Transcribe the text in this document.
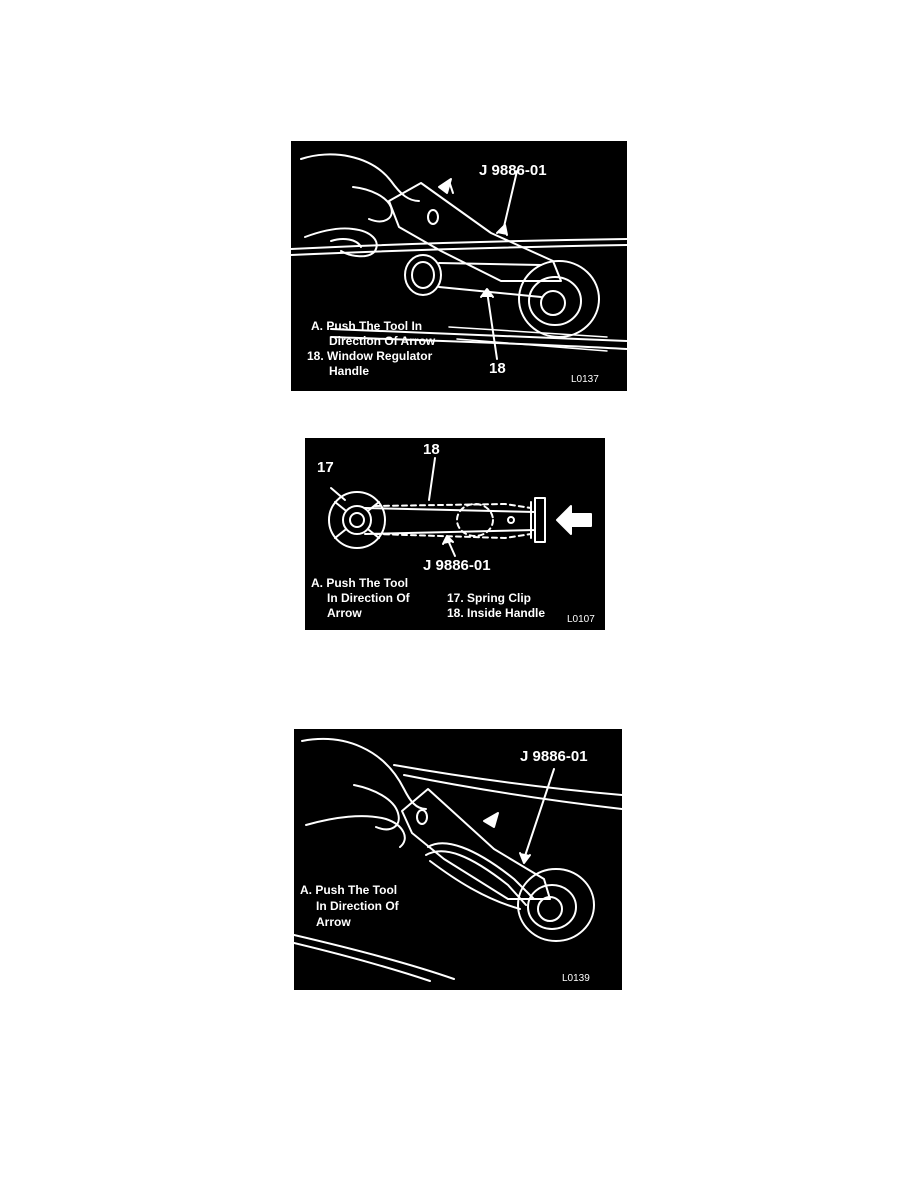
J 9886-01
18
A. Push The Tool In
Direction Of Arrow
18. Window Regulator
Handle
L0137
18
17
J 9886-01
A. Push The Tool
In Direction Of
Arrow
17. Spring Clip
18. Inside Handle L0107
J 9886-01
A. Push The Tool
In Direction Of
Arrow
L0139
